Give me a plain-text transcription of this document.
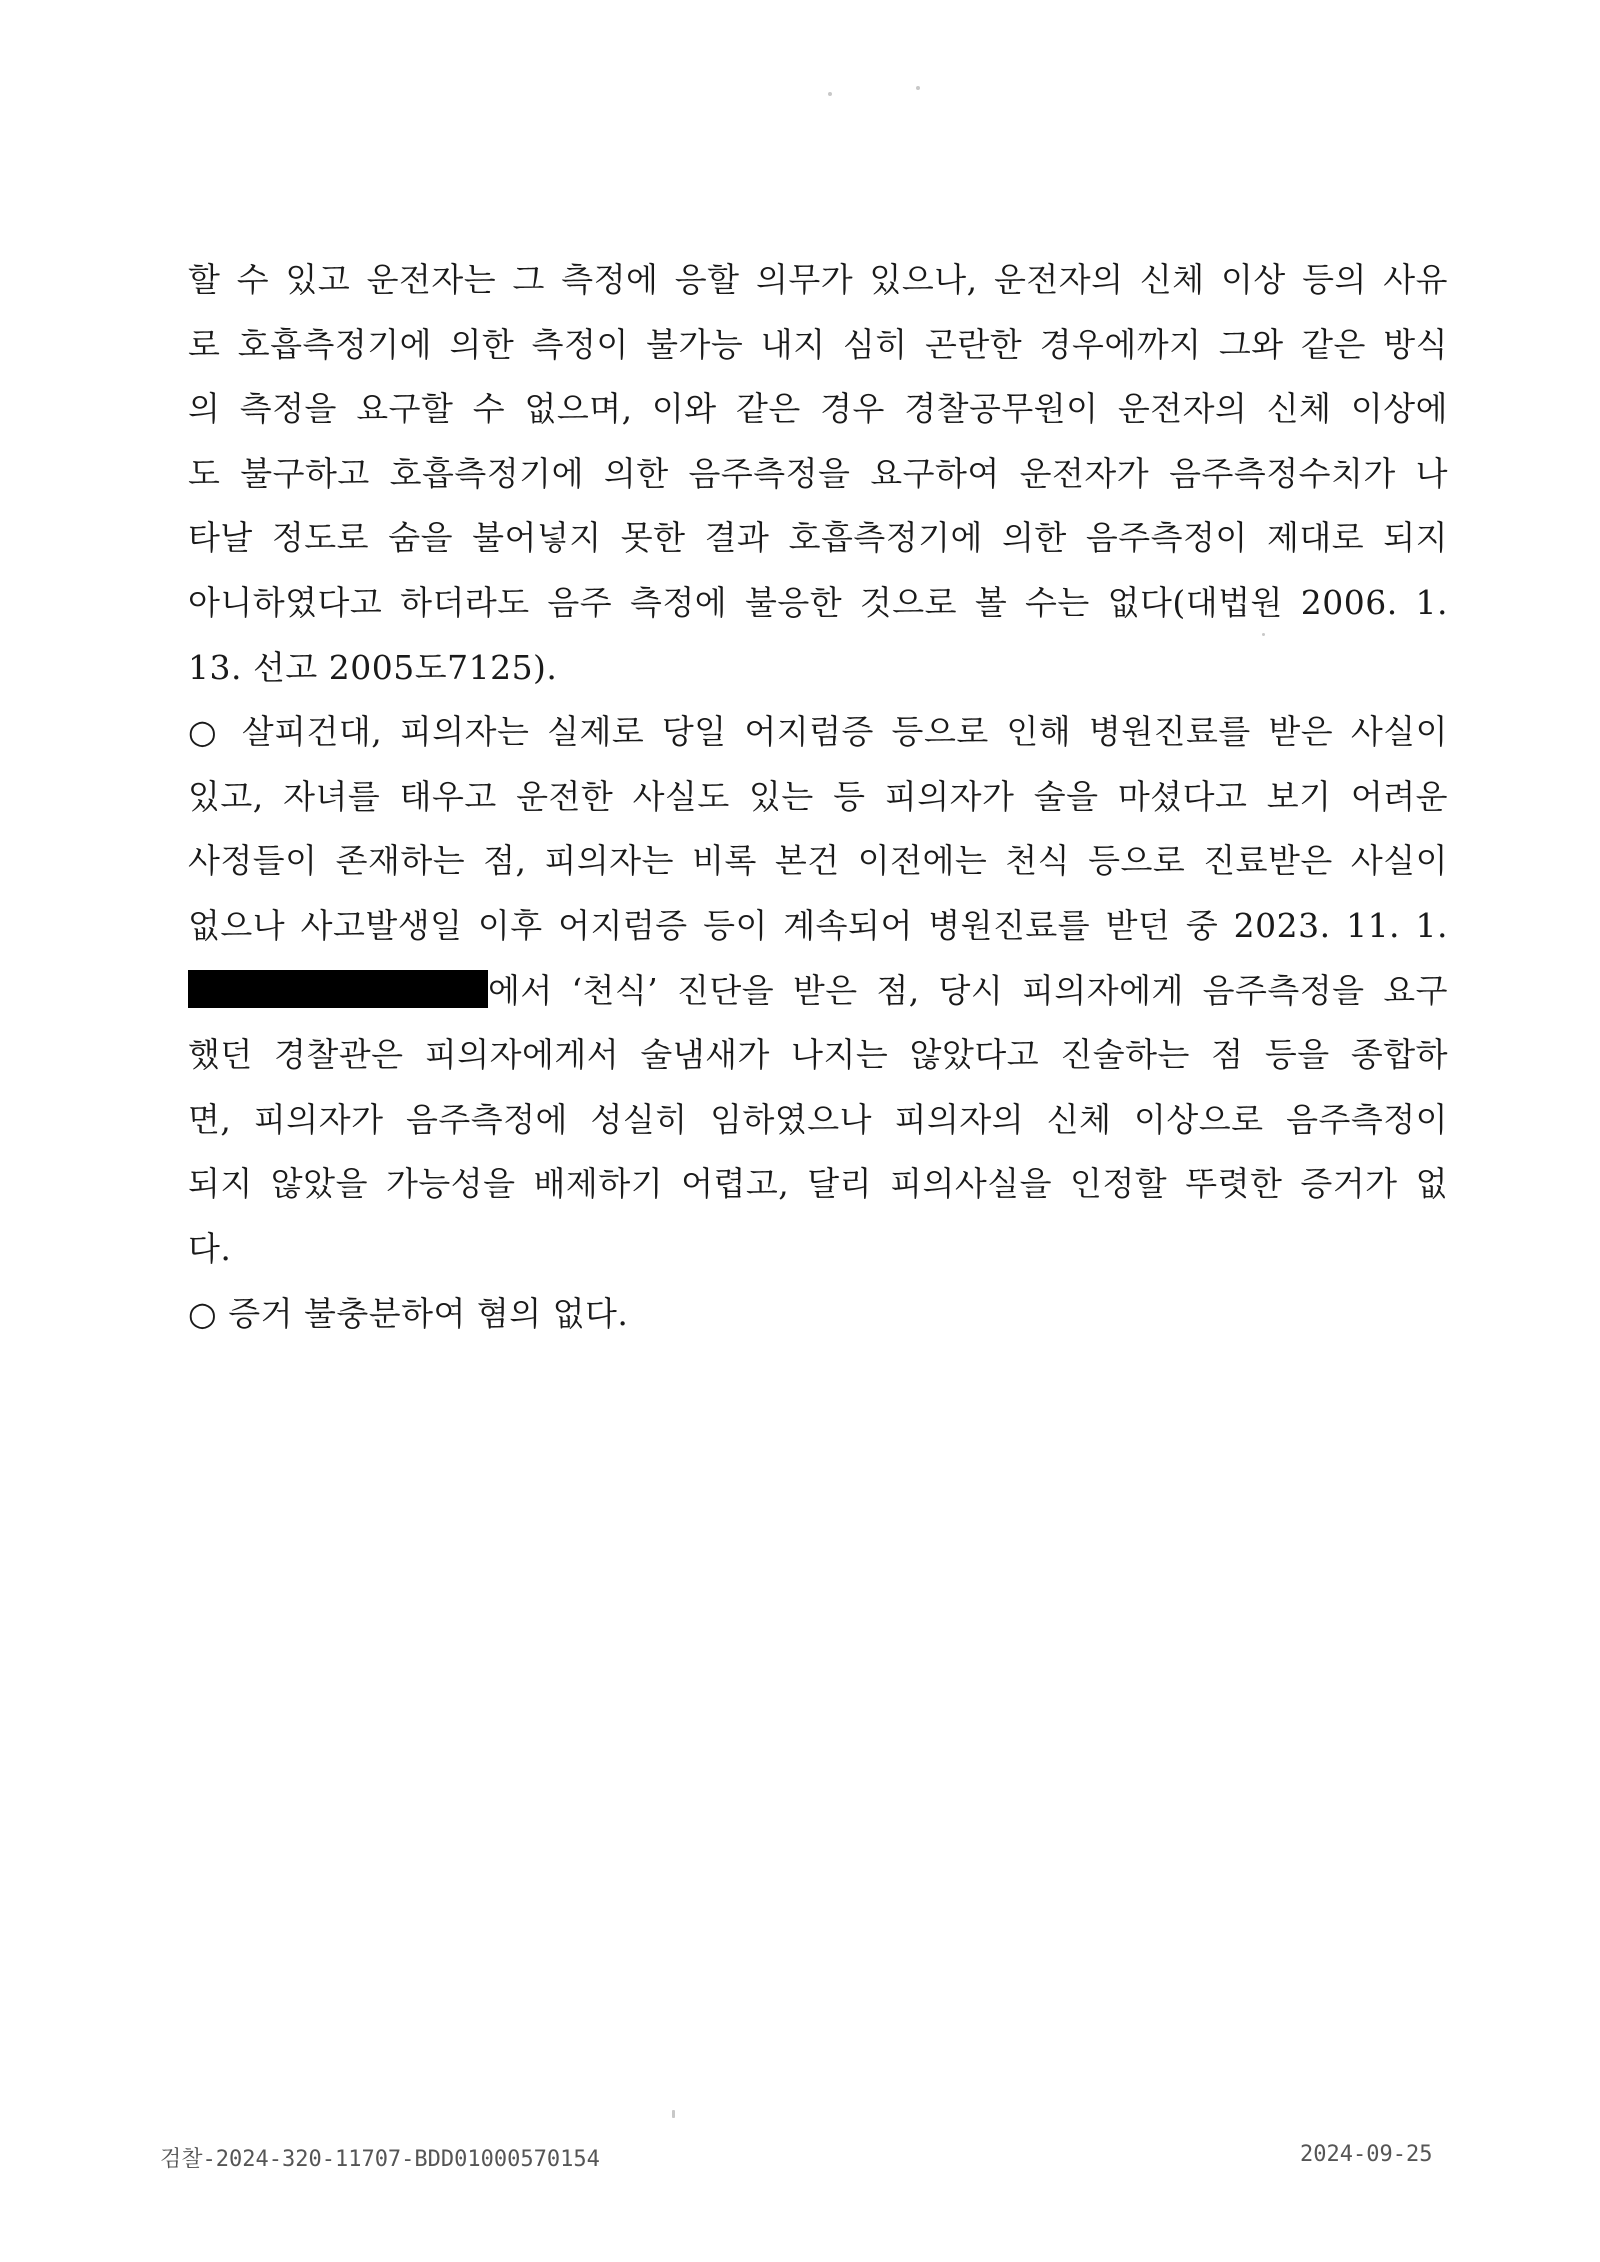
할 수 있고 운전자는 그 측정에 응할 의무가 있으나, 운전자의 신체 이상 등의 사유
로 호흡측정기에 의한 측정이 불가능 내지 심히 곤란한 경우에까지 그와 같은 방식
의 측정을 요구할 수 없으며, 이와 같은 경우 경찰공무원이 운전자의 신체 이상에
도 불구하고 호흡측정기에 의한 음주측정을 요구하여 운전자가 음주측정수치가 나
타날 정도로 숨을 불어넣지 못한 결과 호흡측정기에 의한 음주측정이 제대로 되지
아니하였다고 하더라도 음주 측정에 불응한 것으로 볼 수는 없다(대법원 2006. 1.
13. 선고 2005도7125).
○ 살피건대, 피의자는 실제로 당일 어지럼증 등으로 인해 병원진료를 받은 사실이
있고, 자녀를 태우고 운전한 사실도 있는 등 피의자가 술을 마셨다고 보기 어려운
사정들이 존재하는 점, 피의자는 비록 본건 이전에는 천식 등으로 진료받은 사실이
없으나 사고발생일 이후 어지럼증 등이 계속되어 병원진료를 받던 중 2023. 11. 1.
에서 ‘천식’ 진단을 받은 점, 당시 피의자에게 음주측정을 요구
했던 경찰관은 피의자에게서 술냄새가 나지는 않았다고 진술하는 점 등을 종합하
면, 피의자가 음주측정에 성실히 임하였으나 피의자의 신체 이상으로 음주측정이
되지 않았을 가능성을 배제하기 어렵고, 달리 피의사실을 인정할 뚜렷한 증거가 없
다.
○ 증거 불충분하여 혐의 없다.
검찰-2024-320-11707-BDD01000570154	2024-09-25
